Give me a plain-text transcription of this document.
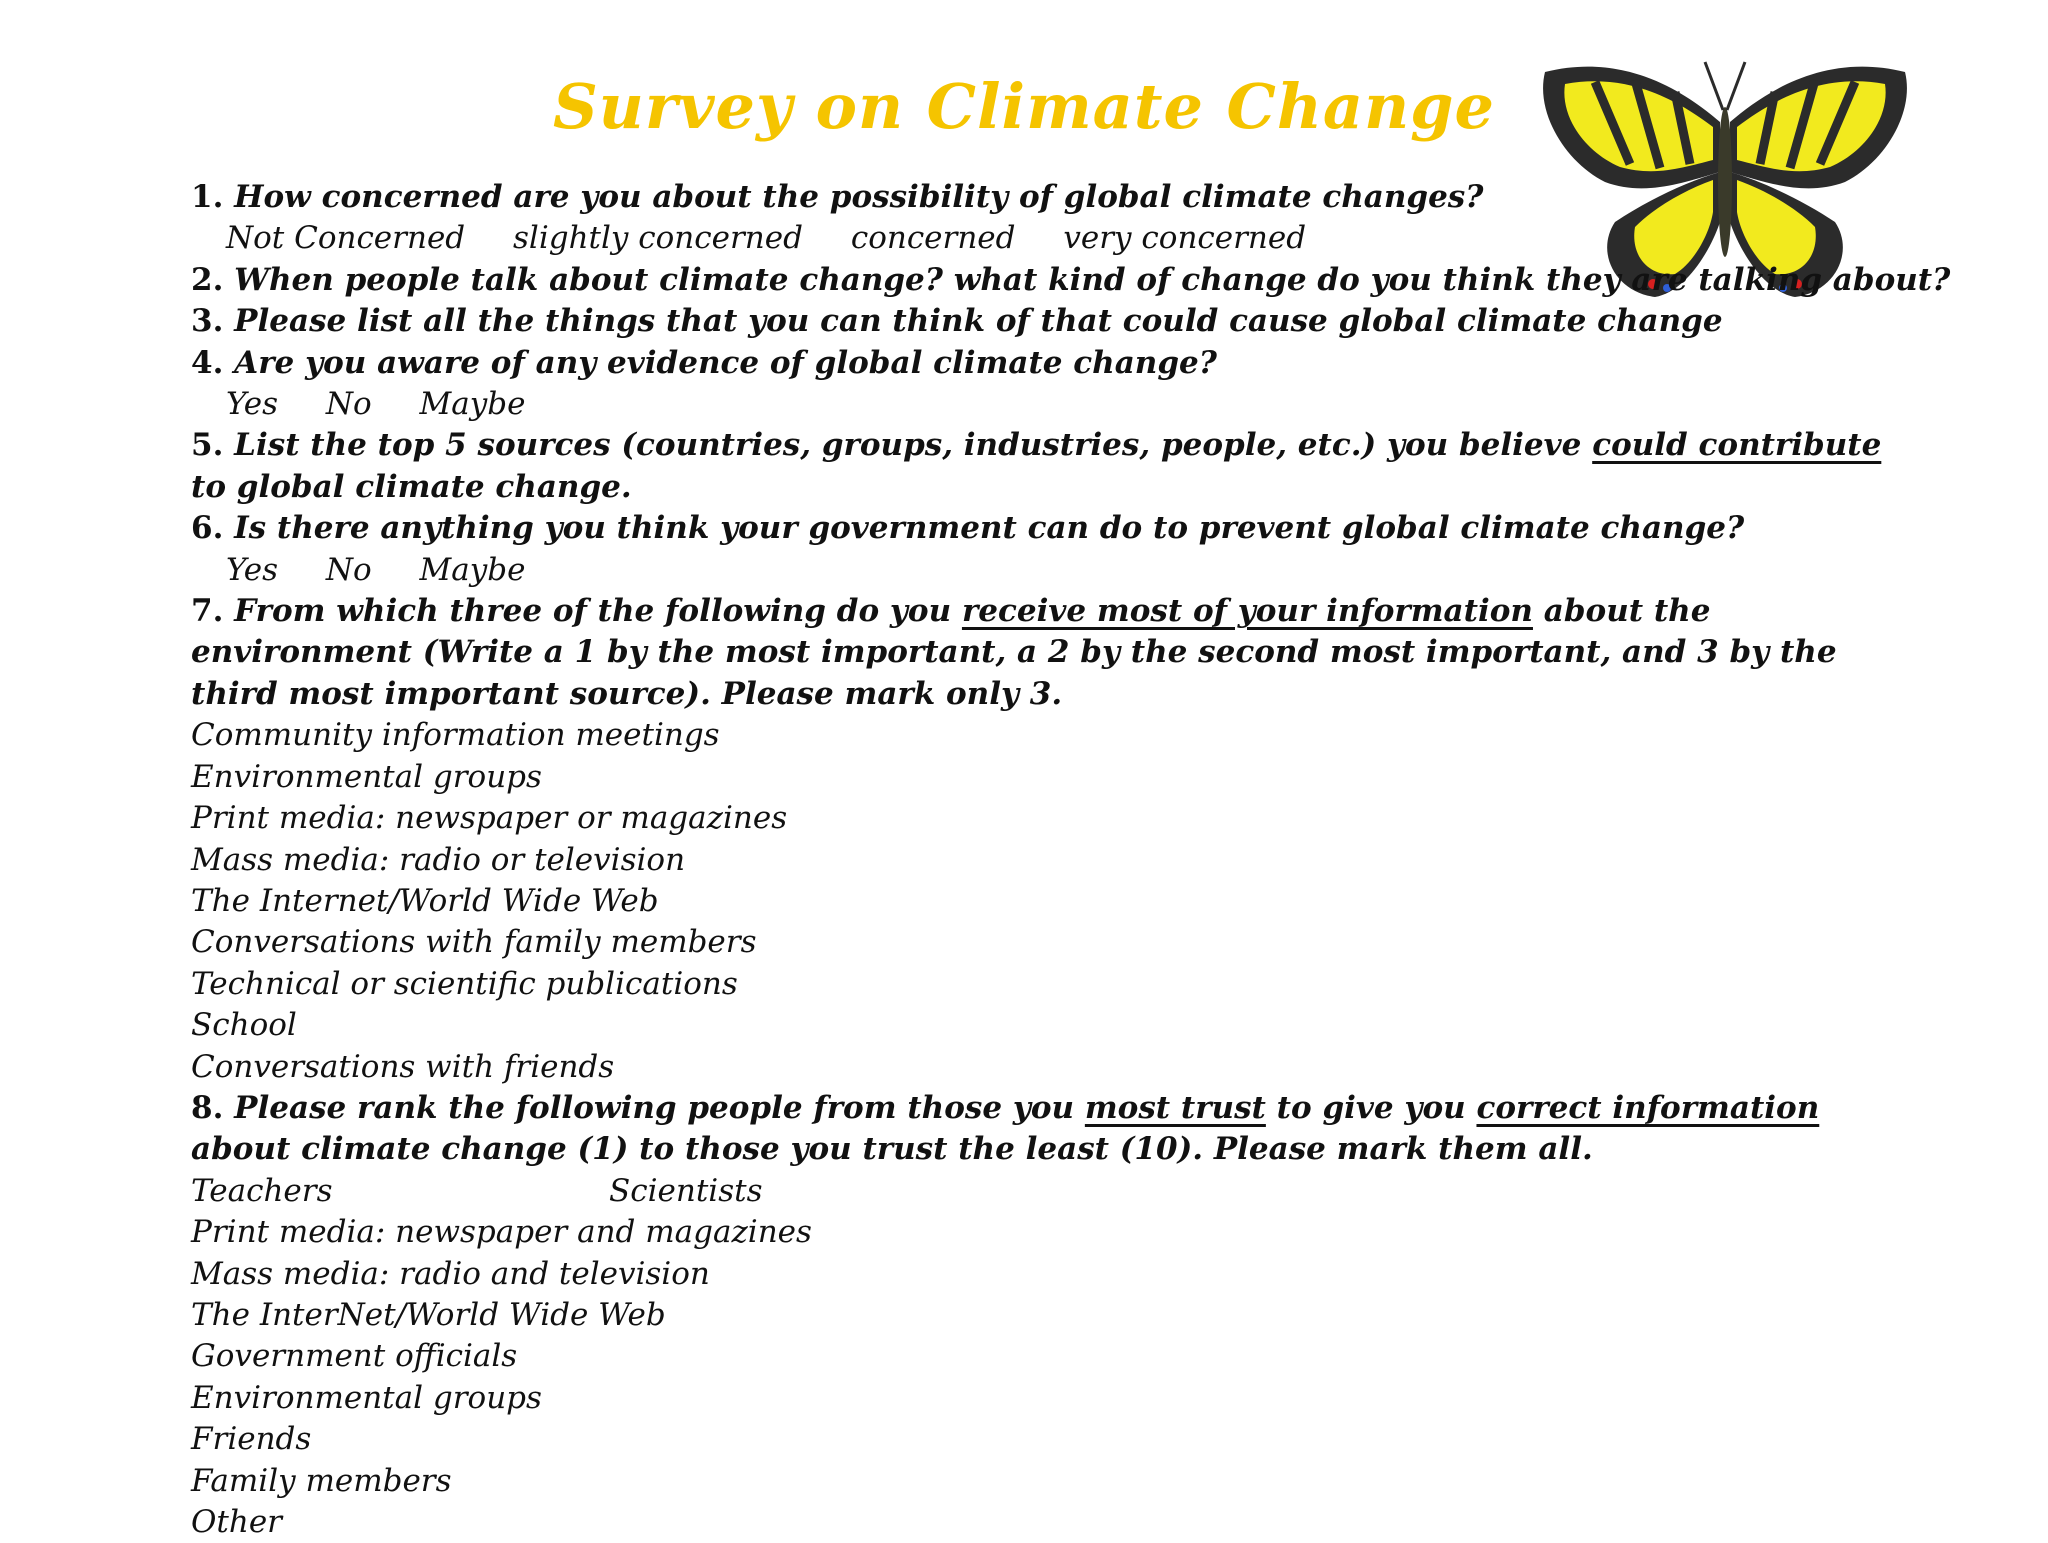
Survey on Climate Change
1. How concerned are you about the possibility of global climate changes?
Not Concerned slightly concerned concerned very concerned
2. When people talk about climate change? what kind of change do you think they are talking about?
3. Please list all the things that you can think of that could cause global climate change
4. Are you aware of any evidence of global climate change?
Yes No Maybe
5. List the top 5 sources (countries, groups, industries, people, etc.) you believe could contribute to global climate change.
6. Is there anything you think your government can do to prevent global climate change?
Yes No Maybe
7. From which three of the following do you receive most of your information about the environment (Write a 1 by the most important, a 2 by the second most important, and 3 by the third most important source). Please mark only 3.
Community information meetings
Environmental groups
Print media: newspaper or magazines
Mass media: radio or television
The Internet/World Wide Web
Conversations with family members
Technical or scientific publications
School
Conversations with friends
8. Please rank the following people from those you most trust to give you correct information about climate change (1) to those you trust the least (10). Please mark them all.
Teachers	Scientists
Print media: newspaper and magazines
Mass media: radio and television
The InterNet/World Wide Web
Government officials
Environmental groups
Friends
Family members
Other
